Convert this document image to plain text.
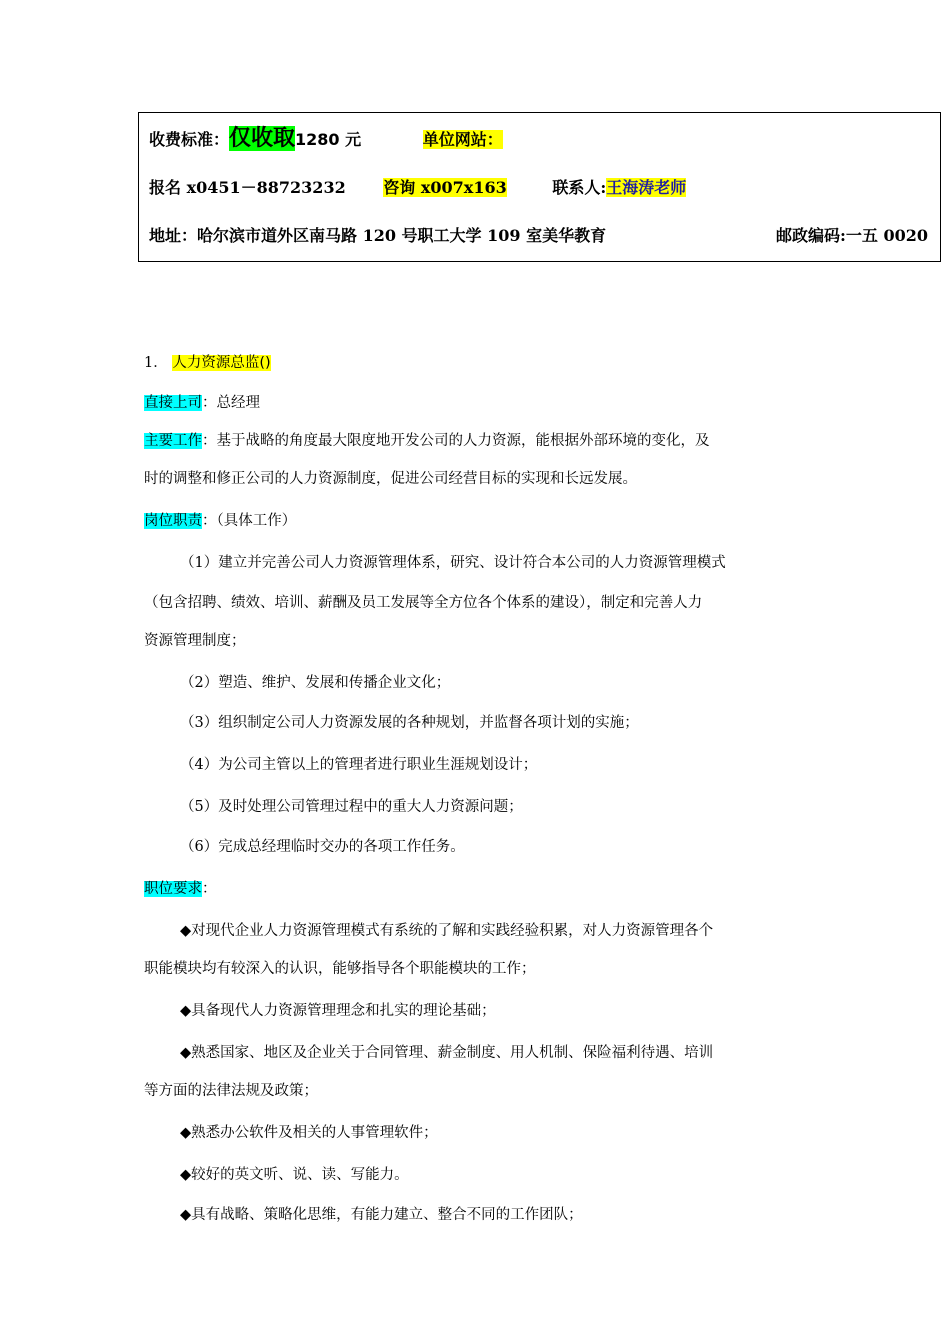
收费标准：仅收取1280 元	单位网站：
报名 x0451－88723232 咨询 x007x163	联系人:王海涛老师
地址：哈尔滨市道外区南马路 120 号职工大学 109 室美华教育	邮政编码:一五 0020
1． 人力资源总监()
直接上司：总经理
主要工作：基于战略的角度最大限度地开发公司的人力资源，能根据外部环境的变化，及
时的调整和修正公司的人力资源制度，促进公司经营目标的实现和长远发展。
岗位职责：（具体工作）
（1）建立并完善公司人力资源管理体系，研究、设计符合本公司的人力资源管理模式
（包含招聘、绩效、培训、薪酬及员工发展等全方位各个体系的建设），制定和完善人力
资源管理制度；
（2）塑造、维护、发展和传播企业文化；
（3）组织制定公司人力资源发展的各种规划，并监督各项计划的实施；
（4）为公司主管以上的管理者进行职业生涯规划设计；
（5）及时处理公司管理过程中的重大人力资源问题；
（6）完成总经理临时交办的各项工作任务。
职位要求：
◆对现代企业人力资源管理模式有系统的了解和实践经验积累，对人力资源管理各个
职能模块均有较深入的认识，能够指导各个职能模块的工作；
◆具备现代人力资源管理理念和扎实的理论基础；
◆熟悉国家、地区及企业关于合同管理、薪金制度、用人机制、保险福利待遇、培训
等方面的法律法规及政策；
◆熟悉办公软件及相关的人事管理软件；
◆较好的英文听、说、读、写能力。
◆具有战略、策略化思维，有能力建立、整合不同的工作团队；
